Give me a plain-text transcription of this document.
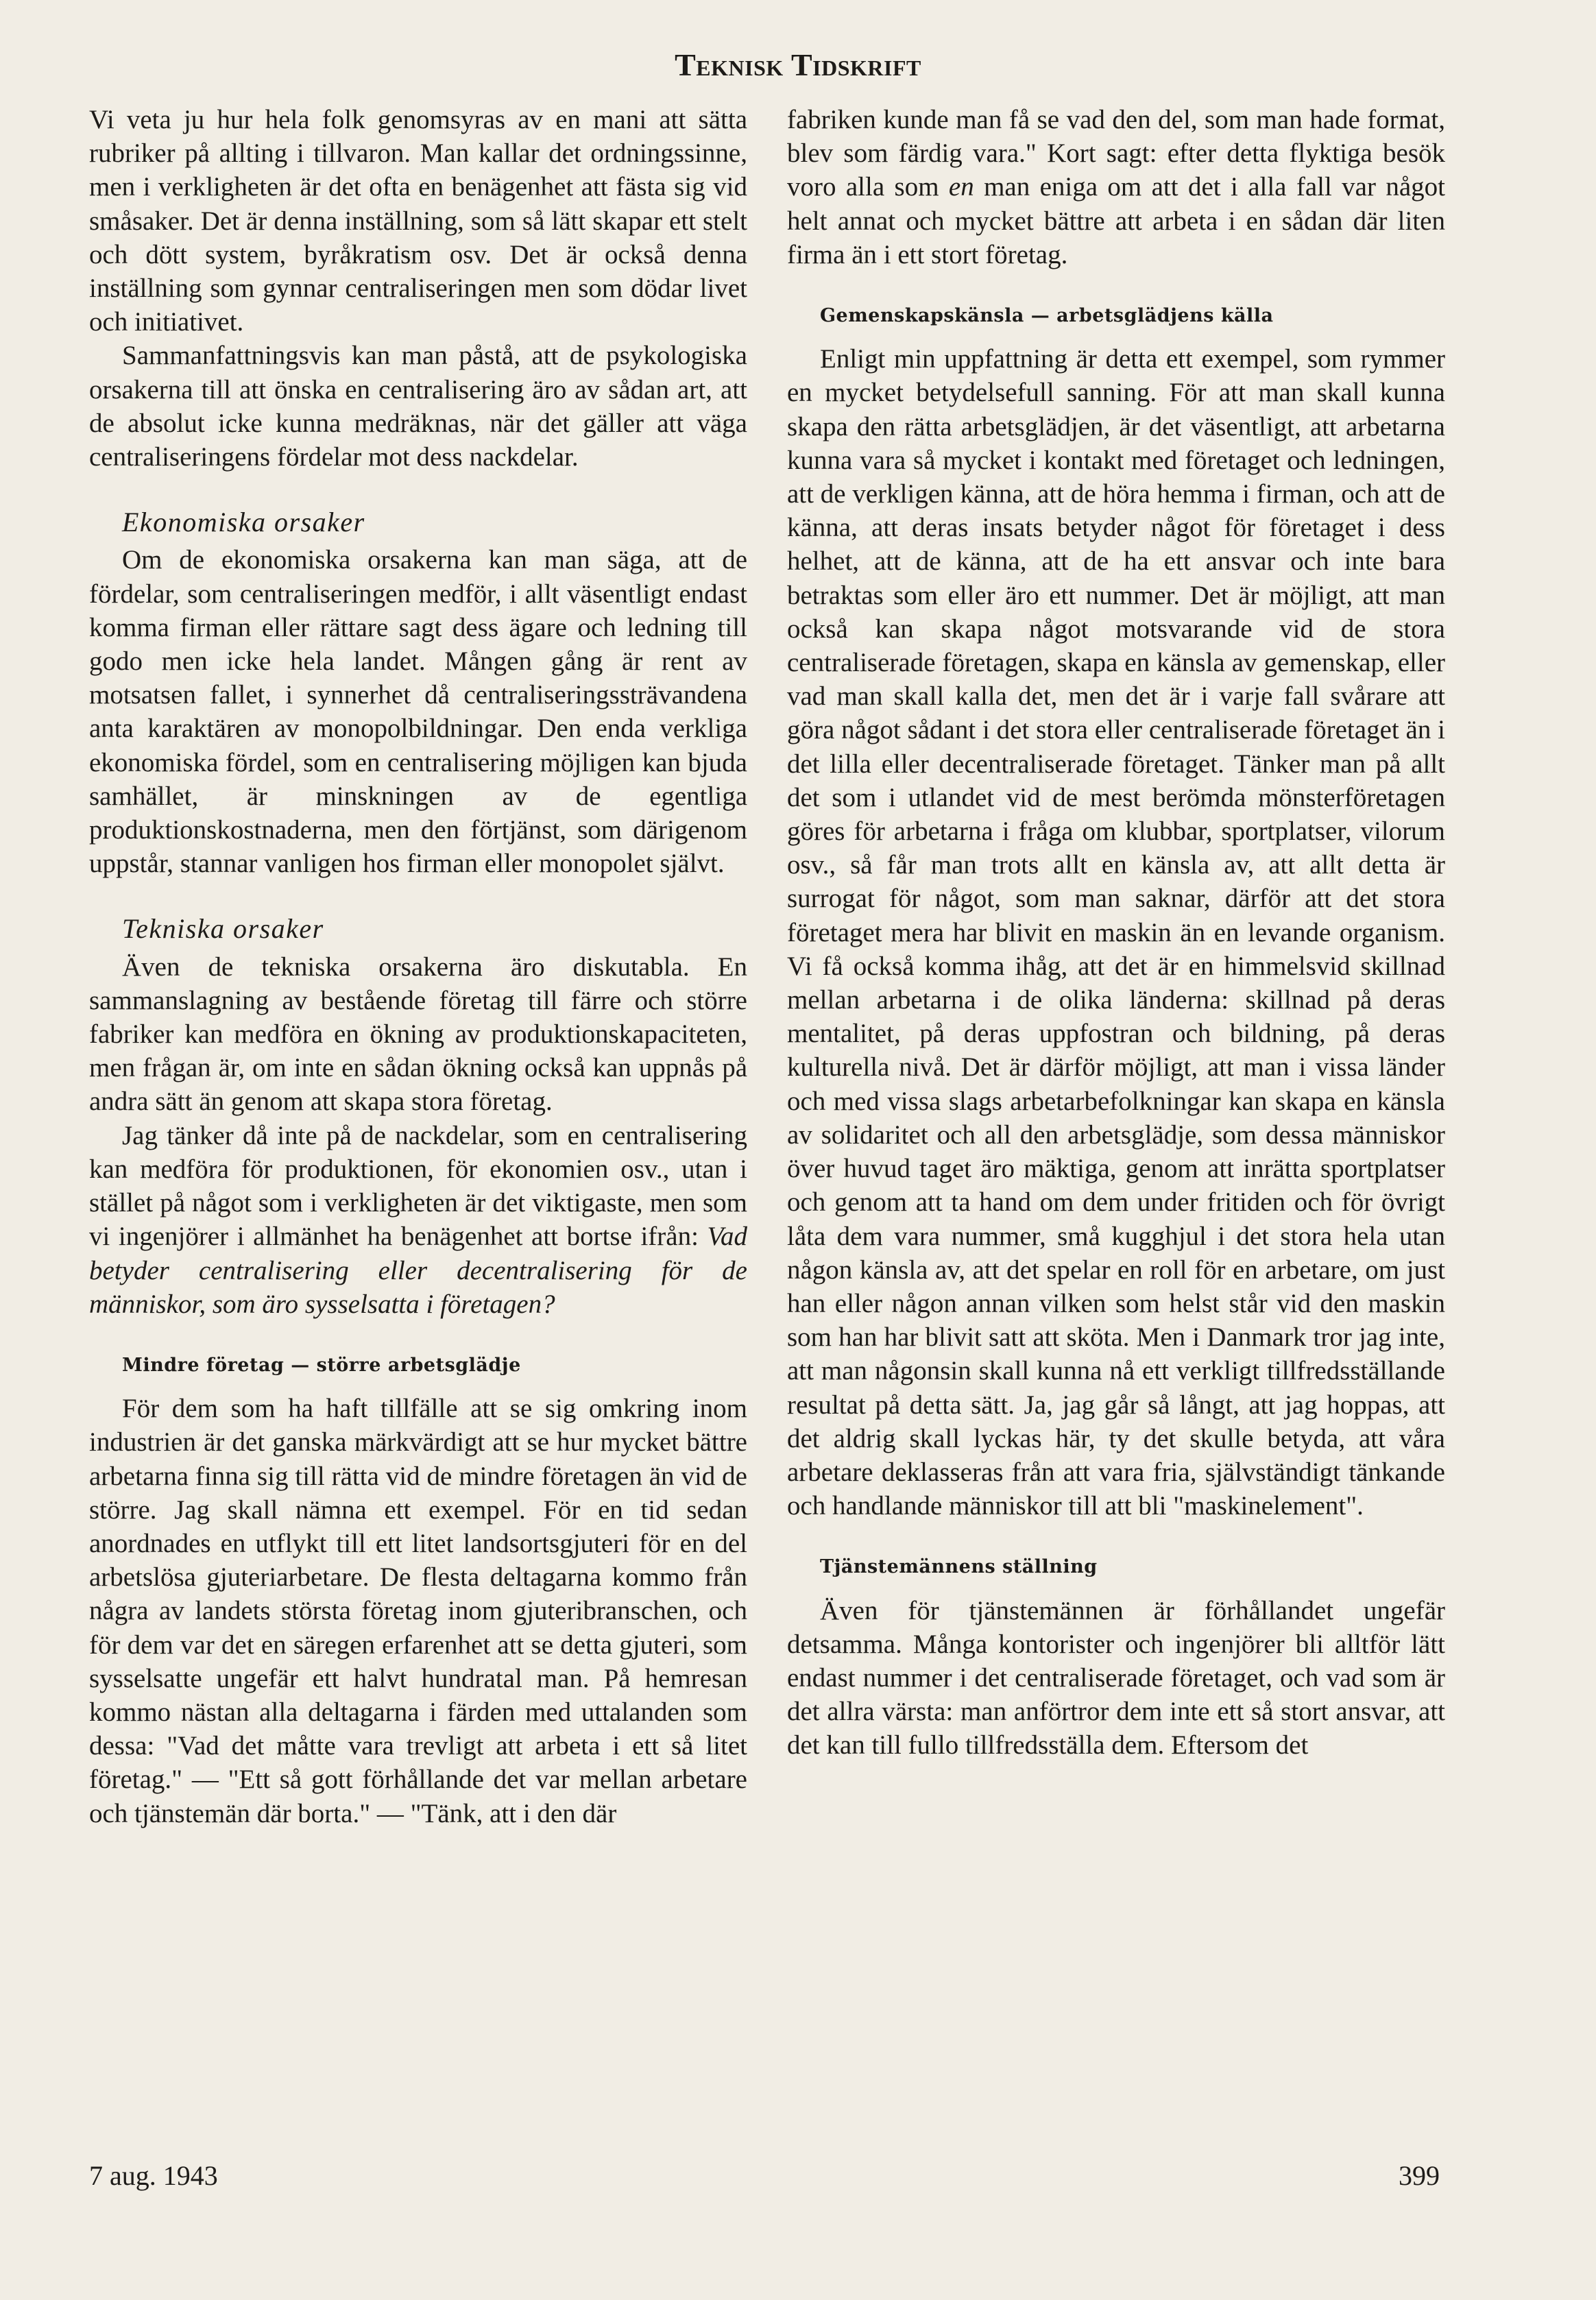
Teknisk Tidskrift

Vi veta ju hur hela folk genomsyras av en mani att sätta rubriker på allting i tillvaron. Man kallar det ordningssinne, men i verkligheten är det ofta en benägenhet att fästa sig vid småsaker. Det är denna inställning, som så lätt skapar ett stelt och dött system, byråkratism osv. Det är också denna inställning som gynnar centraliseringen men som dödar livet och initiativet.

Sammanfattningsvis kan man påstå, att de psykologiska orsakerna till att önska en centralisering äro av sådan art, att de absolut icke kunna medräknas, när det gäller att väga centraliseringens fördelar mot dess nackdelar.

Ekonomiska orsaker

Om de ekonomiska orsakerna kan man säga, att de fördelar, som centraliseringen medför, i allt väsentligt endast komma firman eller rättare sagt dess ägare och ledning till godo men icke hela landet. Mången gång är rent av motsatsen fallet, i synnerhet då centraliseringssträvandena anta karaktären av monopolbildningar. Den enda verkliga ekonomiska fördel, som en centralisering möjligen kan bjuda samhället, är minskningen av de egentliga produktionskostnaderna, men den förtjänst, som därigenom uppstår, stannar vanligen hos firman eller monopolet självt.

Tekniska orsaker

Även de tekniska orsakerna äro diskutabla. En sammanslagning av bestående företag till färre och större fabriker kan medföra en ökning av produktionskapaciteten, men frågan är, om inte en sådan ökning också kan uppnås på andra sätt än genom att skapa stora företag.

Jag tänker då inte på de nackdelar, som en centralisering kan medföra för produktionen, för ekonomien osv., utan i stället på något som i verkligheten är det viktigaste, men som vi ingenjörer i allmänhet ha benägenhet att bortse ifrån: Vad betyder centralisering eller decentralisering för de människor, som äro sysselsatta i företagen?

Mindre företag — större arbetsglädje

För dem som ha haft tillfälle att se sig omkring inom industrien är det ganska märkvärdigt att se hur mycket bättre arbetarna finna sig till rätta vid de mindre företagen än vid de större. Jag skall nämna ett exempel. För en tid sedan anordnades en utflykt till ett litet landsortsgjuteri för en del arbetslösa gjuteriarbetare. De flesta deltagarna kommo från några av landets största företag inom gjuteribranschen, och för dem var det en säregen erfarenhet att se detta gjuteri, som sysselsatte ungefär ett halvt hundratal man. På hemresan kommo nästan alla deltagarna i färden med uttalanden som dessa: "Vad det måtte vara trevligt att arbeta i ett så litet företag." — "Ett så gott förhållande det var mellan arbetare och tjänstemän där borta." — "Tänk, att i den där

fabriken kunde man få se vad den del, som man hade format, blev som färdig vara." Kort sagt: efter detta flyktiga besök voro alla som en man eniga om att det i alla fall var något helt annat och mycket bättre att arbeta i en sådan där liten firma än i ett stort företag.

Gemenskapskänsla — arbetsglädjens källa

Enligt min uppfattning är detta ett exempel, som rymmer en mycket betydelsefull sanning. För att man skall kunna skapa den rätta arbetsglädjen, är det väsentligt, att arbetarna kunna vara så mycket i kontakt med företaget och ledningen, att de verkligen känna, att de höra hemma i firman, och att de känna, att deras insats betyder något för företaget i dess helhet, att de känna, att de ha ett ansvar och inte bara betraktas som eller äro ett nummer. Det är möjligt, att man också kan skapa något motsvarande vid de stora centraliserade företagen, skapa en känsla av gemenskap, eller vad man skall kalla det, men det är i varje fall svårare att göra något sådant i det stora eller centraliserade företaget än i det lilla eller decentraliserade företaget. Tänker man på allt det som i utlandet vid de mest berömda mönsterföretagen göres för arbetarna i fråga om klubbar, sportplatser, vilorum osv., så får man trots allt en känsla av, att allt detta är surrogat för något, som man saknar, därför att det stora företaget mera har blivit en maskin än en levande organism. Vi få också komma ihåg, att det är en himmelsvid skillnad mellan arbetarna i de olika länderna: skillnad på deras mentalitet, på deras uppfostran och bildning, på deras kulturella nivå. Det är därför möjligt, att man i vissa länder och med vissa slags arbetarbefolkningar kan skapa en känsla av solidaritet och all den arbetsglädje, som dessa människor över huvud taget äro mäktiga, genom att inrätta sportplatser och genom att ta hand om dem under fritiden och för övrigt låta dem vara nummer, små kugghjul i det stora hela utan någon känsla av, att det spelar en roll för en arbetare, om just han eller någon annan vilken som helst står vid den maskin som han har blivit satt att sköta. Men i Danmark tror jag inte, att man någonsin skall kunna nå ett verkligt tillfredsställande resultat på detta sätt. Ja, jag går så långt, att jag hoppas, att det aldrig skall lyckas här, ty det skulle betyda, att våra arbetare deklasseras från att vara fria, självständigt tänkande och handlande människor till att bli "maskinelement".

Tjänstemännens ställning

Även för tjänstemännen är förhållandet ungefär detsamma. Många kontorister och ingenjörer bli alltför lätt endast nummer i det centraliserade företaget, och vad som är det allra värsta: man anförtror dem inte ett så stort ansvar, att det kan till fullo tillfredsställa dem. Eftersom det

7 aug. 1943	399
